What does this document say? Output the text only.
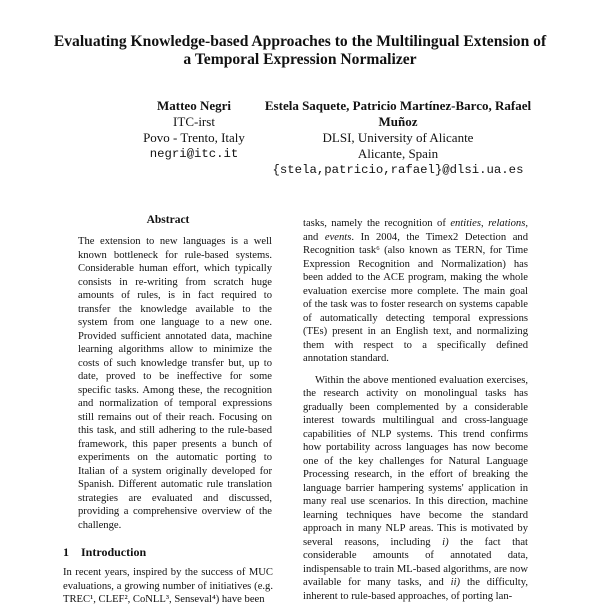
Evaluating Knowledge-based Approaches to the Multilingual Extension of
a Temporal Expression Normalizer
Matteo Negri
ITC-irst
Povo - Trento, Italy
negri@itc.it
Estela Saquete, Patricio Martínez-Barco, Rafael Muñoz
DLSI, University of Alicante
Alicante, Spain
{stela,patricio,rafael}@dlsi.ua.es
Abstract

The extension to new languages is a well known bottleneck for rule-based systems. Considerable human effort, which typically consists in re-writing from scratch huge amounts of rules, is in fact required to transfer the knowledge available to the system from one language to a new one. Provided sufficient annotated data, machine learning algorithms allow to minimize the costs of such knowledge transfer but, up to date, proved to be ineffective for some specific tasks. Among these, the recognition and normalization of temporal expressions still remains out of their reach. Focusing on this task, and still adhering to the rule-based framework, this paper presents a bunch of experiments on the automatic porting to Italian of a system originally developed for Spanish. Different automatic rule translation strategies are evaluated and discussed, providing a comprehensive overview of the challenge.

1 Introduction

In recent years, inspired by the success of MUC evaluations, a growing number of initiatives (e.g. TREC¹, CLEF², CoNLL³, Senseval⁴) have been

tasks, namely the recognition of entities, relations, and events. In 2004, the Timex2 Detection and Recognition task⁶ (also known as TERN, for Time Expression Recognition and Normalization) has been added to the ACE program, making the whole evaluation exercise more complete. The main goal of the task was to foster research on systems capable of automatically detecting temporal expressions (TEs) present in an English text, and normalizing them with respect to a specifically defined annotation standard.

Within the above mentioned evaluation exercises, the research activity on monolingual tasks has gradually been complemented by a considerable interest towards multilingual and cross-language capabilities of NLP systems. This trend confirms how portability across languages has now become one of the key challenges for Natural Language Processing research, in the effort of breaking the language barrier hampering systems' application in many real use scenarios. In this direction, machine learning techniques have become the standard approach in many NLP areas. This is motivated by several reasons, including i) the fact that considerable amounts of annotated data, indispensable to train ML-based algorithms, are now available for many tasks, and ii) the difficulty, inherent to rule-based approaches, of porting lan-
